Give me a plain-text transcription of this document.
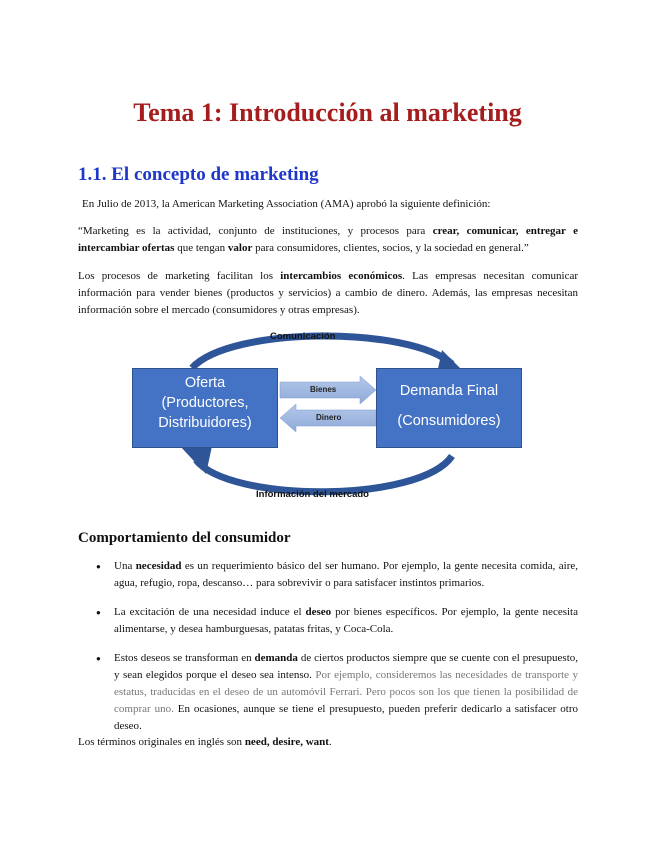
Tema 1: Introducción al marketing
1.1. El concepto de marketing

En Julio de 2013, la American Marketing Association (AMA) aprobó la siguiente definición:

“Marketing es la actividad, conjunto de instituciones, y procesos para crear, comunicar, entregar e intercambiar ofertas que tengan valor para consumidores, clientes, socios, y la sociedad en general.”

Los procesos de marketing facilitan los intercambios económicos. Las empresas necesitan comunicar información para vender bienes (productos y servicios) a cambio de dinero. Además, las empresas necesitan información sobre el mercado (consumidores y otras empresas).

Comunicación
Información del mercado
Oferta
(Productores,
Distribuidores)
Demanda Final
(Consumidores)
Bienes
Dinero
Comportamiento del consumidor
● Una necesidad es un requerimiento básico del ser humano. Por ejemplo, la gente necesita comida, aire, agua, refugio, ropa, descanso… para sobrevivir o para satisfacer instintos primarios.
● La excitación de una necesidad induce el deseo por bienes específicos. Por ejemplo, la gente necesita alimentarse, y desea hamburguesas, patatas fritas, y Coca-Cola.
● Estos deseos se transforman en demanda de ciertos productos siempre que se cuente con el presupuesto, y sean elegidos porque el deseo sea intenso. Por ejemplo, consideremos las necesidades de transporte y estatus, traducidas en el deseo de un automóvil Ferrari. Pero pocos son los que tienen la posibilidad de comprar uno. En ocasiones, aunque se tiene el presupuesto, pueden preferir dedicarlo a satisfacer otro deseo.

Los términos originales en inglés son need, desire, want.
